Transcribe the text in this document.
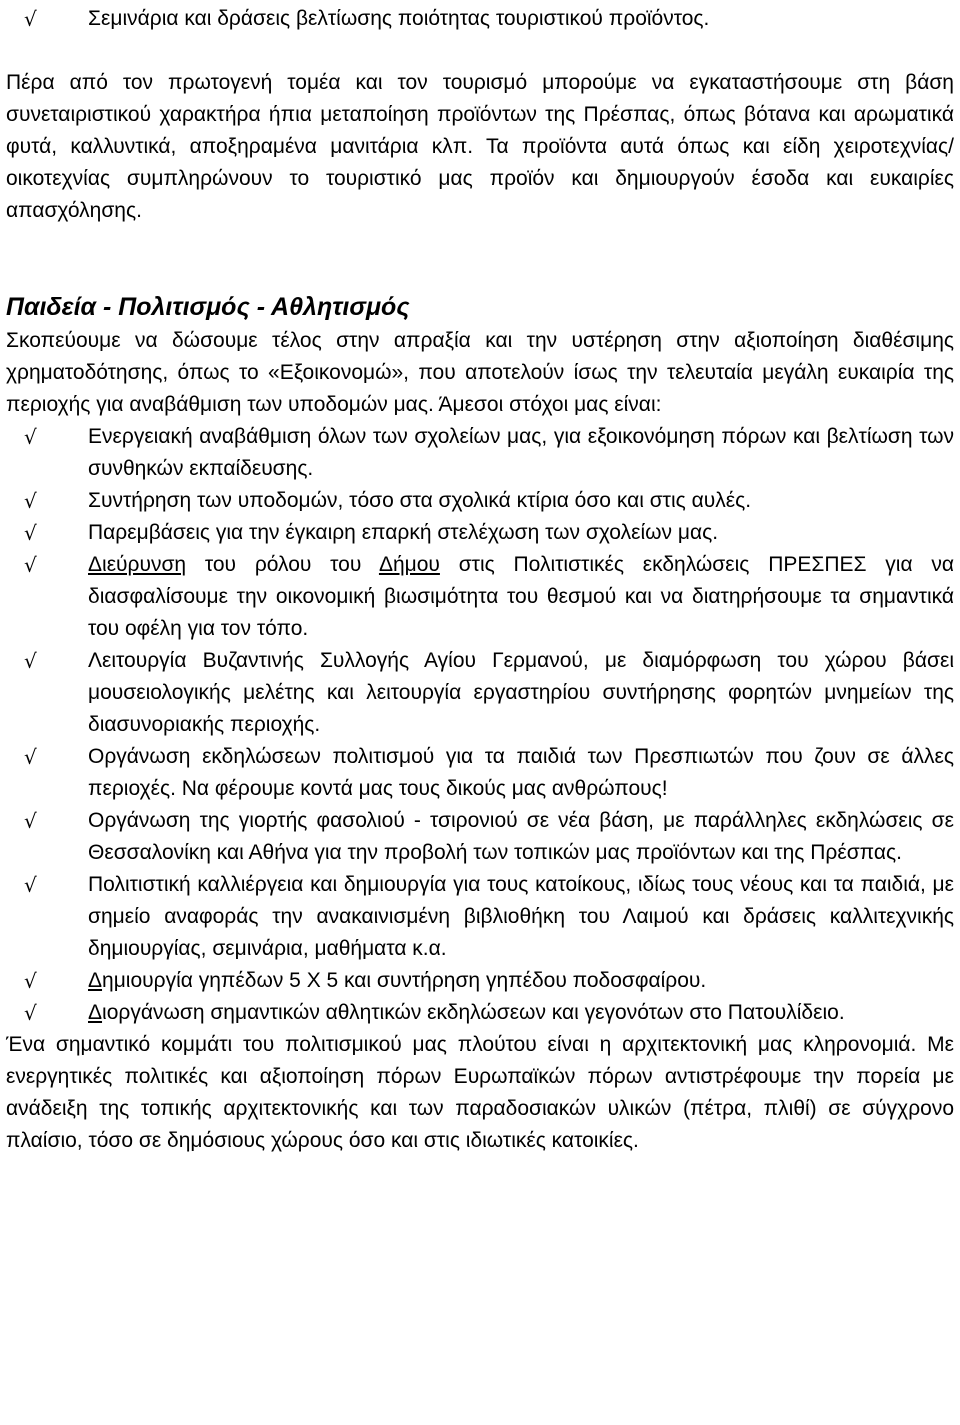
√	Σεμινάρια και δράσεις βελτίωσης ποιότητας τουριστικού προϊόντος.

Πέρα από τον πρωτογενή τομέα και τον τουρισμό μπορούμε να εγκαταστήσουμε στη βάση συνεταιριστικού χαρακτήρα ήπια μεταποίηση προϊόντων της Πρέσπας, όπως βότανα και αρωματικά φυτά, καλλυντικά, αποξηραμένα μανιτάρια κλπ. Τα προϊόντα αυτά όπως και είδη χειροτεχνίας/οικοτεχνίας συμπληρώνουν το τουριστικό μας προϊόν και δημιουργούν έσοδα και ευκαιρίες απασχόλησης.

Παιδεία - Πολιτισμός - Αθλητισμός

Σκοπεύουμε να δώσουμε τέλος στην απραξία και την υστέρηση στην αξιοποίηση διαθέσιμης χρηματοδότησης, όπως το «Εξοικονομώ», που αποτελούν ίσως την τελευταία μεγάλη ευκαιρία της περιοχής για αναβάθμιση των υποδομών μας. Άμεσοι στόχοι μας είναι:

√	Ενεργειακή αναβάθμιση όλων των σχολείων μας, για εξοικονόμηση πόρων και βελτίωση των συνθηκών εκπαίδευσης.
√	Συντήρηση των υποδομών, τόσο στα σχολικά κτίρια όσο και στις αυλές.
√	Παρεμβάσεις για την έγκαιρη επαρκή στελέχωση των σχολείων μας.
√	Διεύρυνση του ρόλου του Δήμου στις Πολιτιστικές εκδηλώσεις ΠΡΕΣΠΕΣ για να διασφαλίσουμε την οικονομική βιωσιμότητα του θεσμού και να διατηρήσουμε τα σημαντικά του οφέλη για τον τόπο.
√	Λειτουργία Βυζαντινής Συλλογής Αγίου Γερμανού, με διαμόρφωση του χώρου βάσει μουσειολογικής μελέτης και λειτουργία εργαστηρίου συντήρησης φορητών μνημείων της διασυνοριακής περιοχής.
√	Οργάνωση εκδηλώσεων πολιτισμού για τα παιδιά των Πρεσπιωτών που ζουν σε άλλες περιοχές. Να φέρουμε κοντά μας τους δικούς μας ανθρώπους!
√	Οργάνωση της γιορτής φασολιού - τσιρονιού σε νέα βάση, με παράλληλες εκδηλώσεις σε Θεσσαλονίκη και Αθήνα για την προβολή των τοπικών μας προϊόντων και της Πρέσπας.
√	Πολιτιστική καλλιέργεια και δημιουργία για τους κατοίκους, ιδίως τους νέους και τα παιδιά, με σημείο αναφοράς την ανακαινισμένη βιβλιοθήκη του Λαιμού και δράσεις καλλιτεχνικής δημιουργίας, σεμινάρια, μαθήματα κ.α.
√	Δημιουργία γηπέδων 5 Χ 5 και συντήρηση γηπέδου ποδοσφαίρου.
√	Διοργάνωση σημαντικών αθλητικών εκδηλώσεων και γεγονότων στο Πατουλίδειο.

Ένα σημαντικό κομμάτι του πολιτισμικού μας πλούτου είναι η αρχιτεκτονική μας κληρονομιά. Με ενεργητικές πολιτικές και αξιοποίηση πόρων Ευρωπαϊκών πόρων αντιστρέφουμε την πορεία με ανάδειξη της τοπικής αρχιτεκτονικής και των παραδοσιακών υλικών (πέτρα, πλιθί) σε σύγχρονο πλαίσιο, τόσο σε δημόσιους χώρους όσο και στις ιδιωτικές κατοικίες.
